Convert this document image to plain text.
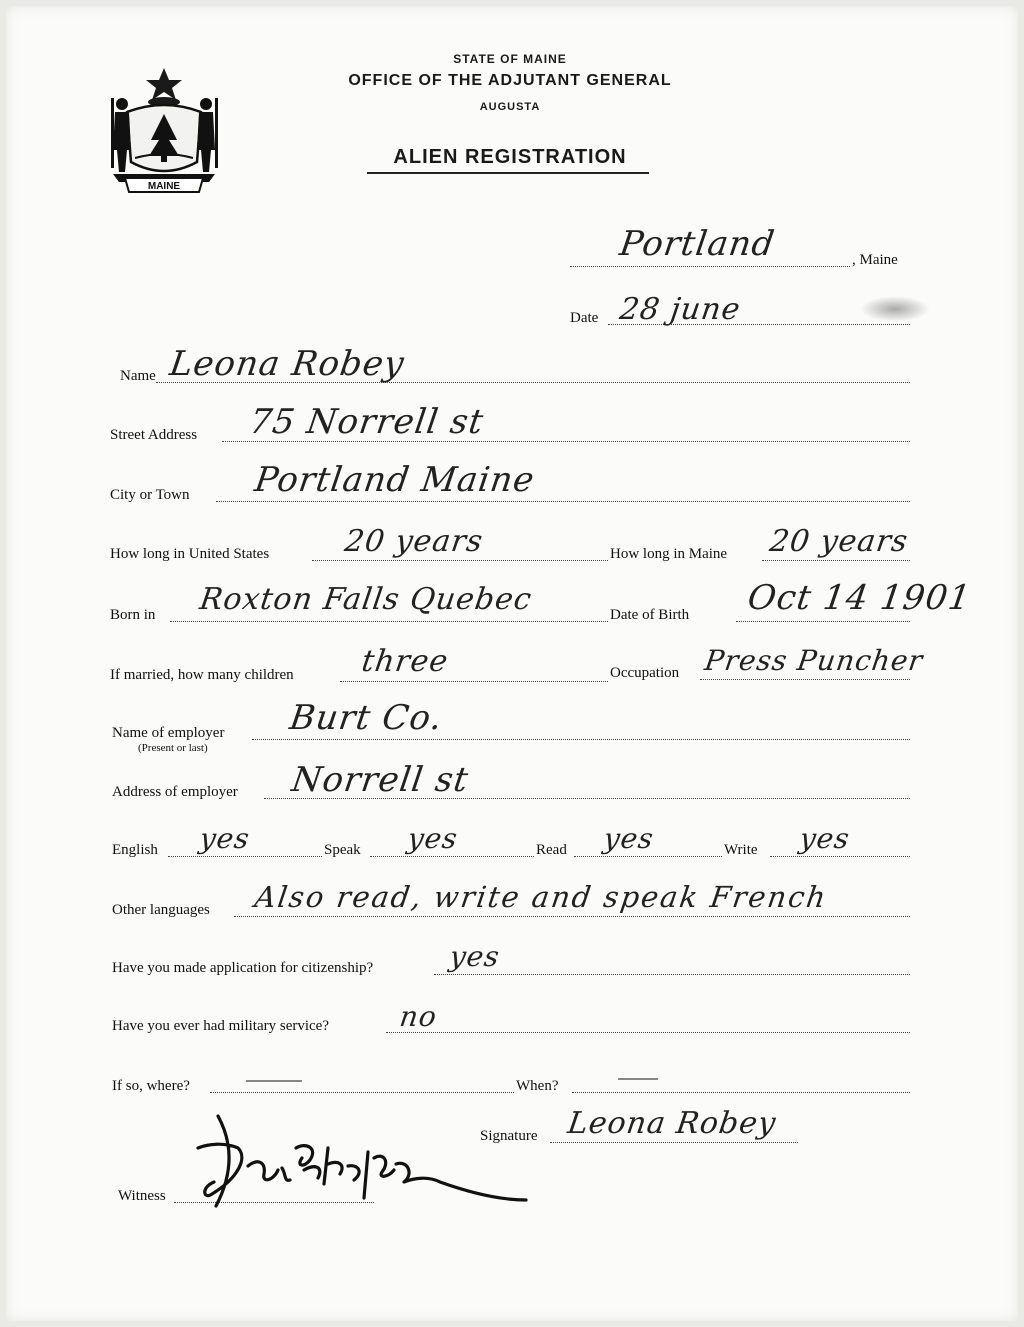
MAINE
STATE OF MAINE
OFFICE OF THE ADJUTANT GENERAL
AUGUSTA
ALIEN REGISTRATION
Portland	, Maine
Date 28 june
Name Leona Robey
Street Address 75 Norrell st
City or Town Portland Maine
How long in United States 20 years	How long in Maine 20 years
Born in Roxton Falls Quebec	Date of Birth Oct 14 1901
If married, how many children three	Occupation Press Puncher
Name of employer
(Present or last)
Burt Co.
Address of employer Norrell st
English yes	Speak yes	Read yes	Write yes
Other languages Also read, write and speak French
Have you made application for citizenship?	yes
Have you ever had military service? no
If so, where?	When?
Signature Leona Robey
Witness
